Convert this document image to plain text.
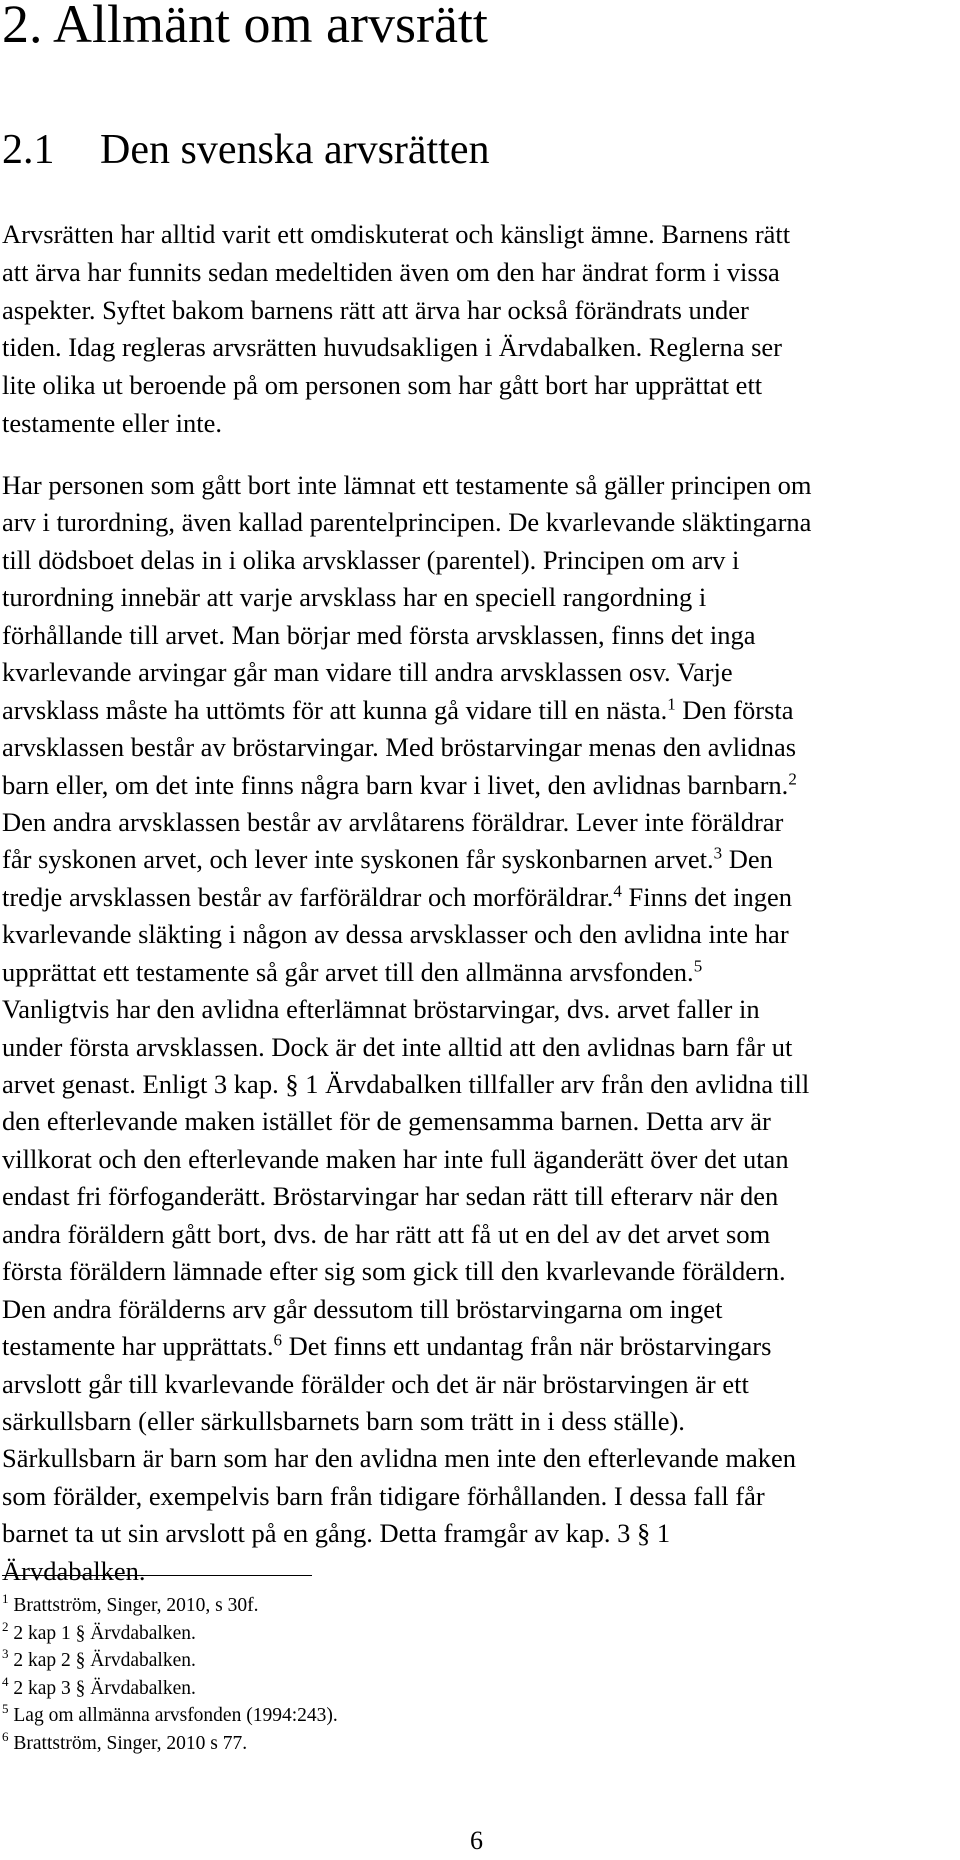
2. Allmänt om arvsrätt
2.1 Den svenska arvsrätten
Arvsrätten har alltid varit ett omdiskuterat och känsligt ämne. Barnens rätt
att ärva har funnits sedan medeltiden även om den har ändrat form i vissa
aspekter. Syftet bakom barnens rätt att ärva har också förändrats under
tiden. Idag regleras arvsrätten huvudsakligen i Ärvdabalken. Reglerna ser
lite olika ut beroende på om personen som har gått bort har upprättat ett
testamente eller inte.
Har personen som gått bort inte lämnat ett testamente så gäller principen om
arv i turordning, även kallad parentelprincipen. De kvarlevande släktingarna
till dödsboet delas in i olika arvsklasser (parentel). Principen om arv i
turordning innebär att varje arvsklass har en speciell rangordning i
förhållande till arvet. Man börjar med första arvsklassen, finns det inga
kvarlevande arvingar går man vidare till andra arvsklassen osv. Varje
arvsklass måste ha uttömts för att kunna gå vidare till en nästa.$^1$ Den första
arvsklassen består av bröstarvingar. Med bröstarvingar menas den avlidnas
barn eller, om det inte finns några barn kvar i livet, den avlidnas barnbarn.$^2$
Den andra arvsklassen består av arvlåtarens föräldrar. Lever inte föräldrar
får syskonen arvet, och lever inte syskonen får syskonbarnen arvet.$^3$ Den
tredje arvsklassen består av farföräldrar och morföräldrar.$^4$ Finns det ingen
kvarlevande släkting i någon av dessa arvsklasser och den avlidna inte har
upprättat ett testamente så går arvet till den allmänna arvsfonden.$^5$
Vanligtvis har den avlidna efterlämnat bröstarvingar, dvs. arvet faller in
under första arvsklassen. Dock är det inte alltid att den avlidnas barn får ut
arvet genast. Enligt 3 kap. § 1 Ärvdabalken tillfaller arv från den avlidna till
den efterlevande maken istället för de gemensamma barnen. Detta arv är
villkorat och den efterlevande maken har inte full äganderätt över det utan
endast fri förfoganderätt. Bröstarvingar har sedan rätt till efterarv när den
andra föräldern gått bort, dvs. de har rätt att få ut en del av det arvet som
första föräldern lämnade efter sig som gick till den kvarlevande föräldern.
Den andra förälderns arv går dessutom till bröstarvingarna om inget
testamente har upprättats.$^6$ Det finns ett undantag från när bröstarvingars
arvslott går till kvarlevande förälder och det är när bröstarvingen är ett
särkullsbarn (eller särkullsbarnets barn som trätt in i dess ställe).
Särkullsbarn är barn som har den avlidna men inte den efterlevande maken
som förälder, exempelvis barn från tidigare förhållanden. I dessa fall får
barnet ta ut sin arvslott på en gång. Detta framgår av kap. 3 § 1
Ärvdabalken.
$^1$ Brattström, Singer, 2010, s 30f.
$^2$ 2 kap 1 § Ärvdabalken.
$^3$ 2 kap 2 § Ärvdabalken.
$^4$ 2 kap 3 § Ärvdabalken.
$^5$ Lag om allmänna arvsfonden (1994:243).
$^6$ Brattström, Singer, 2010 s 77.
6
